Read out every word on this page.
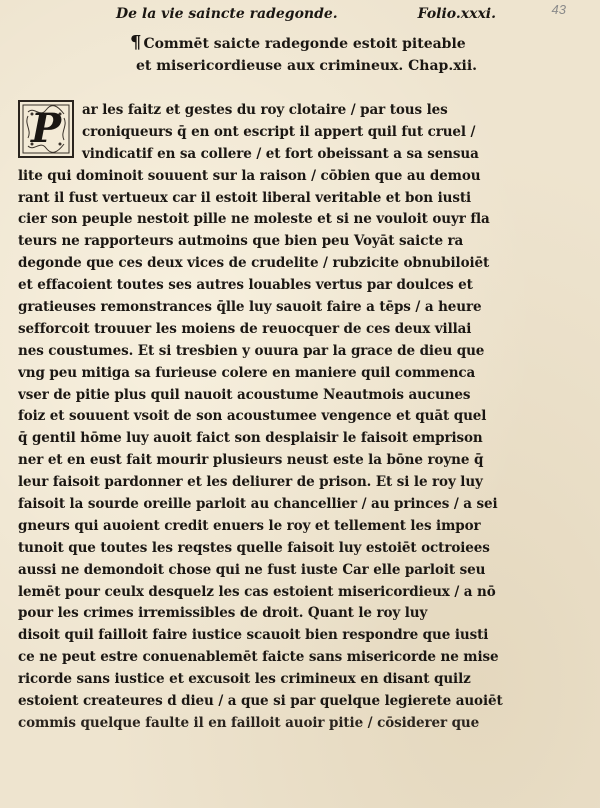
43
De la vie saincte radegonde.	Folio.xxxi.
¶ Commēt saicte radegonde estoit piteable
et misericordieuse aux crimineux. Chap.xii.
ar les faitz et gestes du roy clotaire / par tous les
croniqueurs q̄ en ont escript il appert quil fut cruel /
vindicatif en sa collere / et fort obeissant a sa sensua
lite qui dominoit souuent sur la raison / cōbien que au demou
rant il fust vertueux car il estoit liberal veritable et bon iusti
cier son peuple nestoit pille ne moleste et si ne vouloit ouyr fla
teurs ne rapporteurs autmoins que bien peu Voyāt saicte ra
degonde que ces deux vices de crudelite / rubzicite obnubiloiēt
et effacoient toutes ses autres louables vertus par doulces et
gratieuses remonstrances q̄lle luy sauoit faire a tēps / a heure
sefforcoit trouuer les moiens de reuocquer de ces deux villai
nes coustumes. Et si tresbien y ouura par la grace de dieu que
vng peu mitiga sa furieuse colere en maniere quil commenca
vser de pitie plus quil nauoit acoustume Neautmois aucunes
foiz et souuent vsoit de son acoustumee vengence et quāt quel
q̄ gentil hōme luy auoit faict son desplaisir le faisoit emprison
ner et en eust fait mourir plusieurs neust este la bōne royne q̄
leur faisoit pardonner et les deliurer de prison. Et si le roy luy
faisoit la sourde oreille parloit au chancellier / au princes / a sei
gneurs qui auoient credit enuers le roy et tellement les impor
tunoit que toutes les reqstes quelle faisoit luy estoiēt octroiees
aussi ne demondoit chose qui ne fust iuste Car elle parloit seu
lemēt pour ceulx desquelz les cas estoient misericordieux / a nō
pour les crimes irremissibles de droit. Quant le roy luy
disoit quil failloit faire iustice scauoit bien respondre que iusti
ce ne peut estre conuenablemēt faicte sans misericorde ne mise
ricorde sans iustice et excusoit les crimineux en disant quilz
estoient createures d dieu / a que si par quelque legierete auoiēt
commis quelque faulte il en failloit auoir pitie / cōsiderer que
P
